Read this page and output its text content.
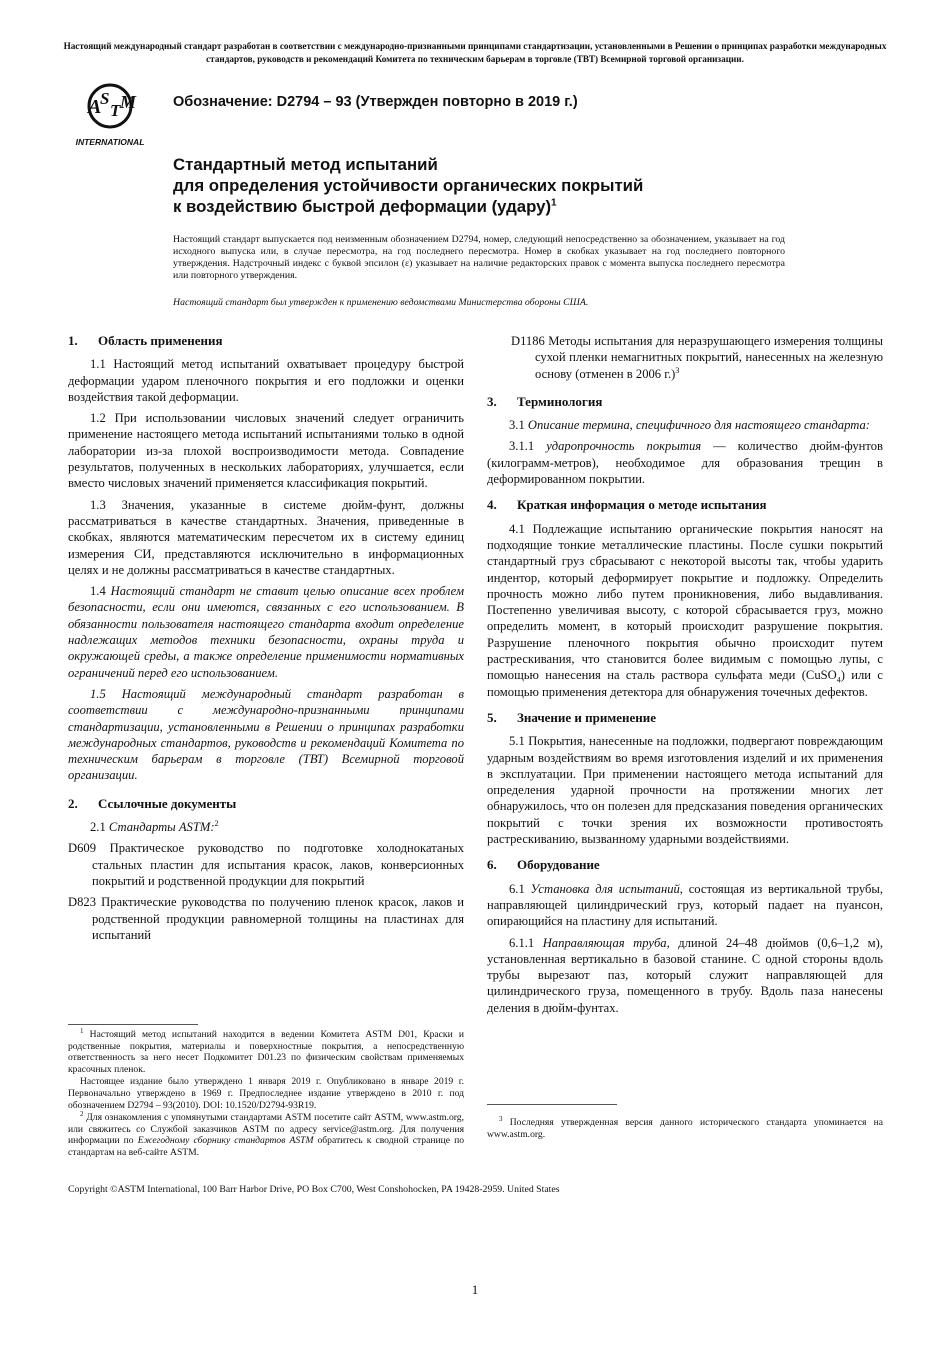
Настоящий международный стандарт разработан в соответствии с международно-признанными принципами стандартизации, установленными в Решении о принципах разработки международных стандартов, руководств и рекомендаций Комитета по техническим барьерам в торговле (ТВТ) Всемирной торговой организации.
A
S
T M
INTERNATIONAL
Обозначение: D2794 – 93 (Утвержден повторно в 2019 г.)
Стандартный метод испытаний
для определения устойчивости органических покрытий
к воздействию быстрой деформации (удару)$^1$
Настоящий стандарт выпускается под неизменным обозначением D2794, номер, следующий непосредственно за обозначением, указывает на год исходного выпуска или, в случае пересмотра, на год последнего пересмотра. Номер в скобках указывает на год последнего повторного утверждения. Надстрочный индекс с буквой эпсилон (ε) указывает на наличие редакторских правок с момента выпуска последнего пересмотра или повторного утверждения.
Настоящий стандарт был утвержден к применению ведомствами Министерства обороны США.
1. Область применения

1.1 Настоящий метод испытаний охватывает процедуру быстрой деформации ударом пленочного покрытия и его подложки и оценки воздействия такой деформации.

1.2 При использовании числовых значений следует ограничить применение настоящего метода испытаний испытаниями только в одной лаборатории из-за плохой воспроизводимости метода. Совпадение результатов, полученных в нескольких лабораториях, улучшается, если вместо числовых значений применяется классификация покрытий.

1.3 Значения, указанные в системе дюйм-фунт, должны рассматриваться в качестве стандартных. Значения, приведенные в скобках, являются математическим пересчетом их в систему единиц измерения СИ, представляются исключительно в информационных целях и не должны рассматриваться в качестве стандартных.

1.4 Настоящий стандарт не ставит целью описание всех проблем безопасности, если они имеются, связанных с его использованием. В обязанности пользователя настоящего стандарта входит определение надлежащих методов техники безопасности, охраны труда и окружающей среды, а также определение применимости нормативных ограничений перед его использованием.

1.5 Настоящий международный стандарт разработан в соответствии с международно-признанными принципами стандартизации, установленными в Решении о принципах разработки международных стандартов, руководств и рекомендаций Комитета по техническим барьерам в торговле (ТВТ) Всемирной торговой организации.

2. Ссылочные документы

2.1 Стандарты ASTM:$^2$

D609 Практическое руководство по подготовке холоднокатаных стальных пластин для испытания красок, лаков, конверсионных покрытий и родственной продукции для покрытий

D823 Практические руководства по получению пленок красок, лаков и родственной продукции равномерной толщины на пластинах для испытаний

$^1$ Настоящий метод испытаний находится в ведении Комитета ASTM D01, Краски и родственные покрытия, материалы и поверхностные покрытия, а непосредственную ответственность за него несет Подкомитет D01.23 по физическим свойствам применяемых красочных пленок.

Настоящее издание было утверждено 1 января 2019 г. Опубликовано в январе 2019 г. Первоначально утверждено в 1969 г. Предпоследнее издание утверждено в 2010 г. под обозначением D2794 – 93(2010). DOI: 10.1520/D2794-93R19.

$^2$ Для ознакомления с упомянутыми стандартами ASTM посетите сайт ASTM, www.astm.org, или свяжитесь со Службой заказчиков ASTM по адресу service@astm.org. Для получения информации по Ежегодному сборнику стандартов ASTM обратитесь к сводной странице по стандартам на веб-сайте ASTM.

D1186 Методы испытания для неразрушающего измерения толщины сухой пленки немагнитных покрытий, нанесенных на железную основу (отменен в 2006 г.)$^3$

3. Терминология

3.1 Описание термина, специфичного для настоящего стандарта:

3.1.1 ударопрочность покрытия — количество дюйм-фунтов (килограмм-метров), необходимое для образования трещин в деформированном покрытии.

4. Краткая информация о методе испытания

4.1 Подлежащие испытанию органические покрытия наносят на подходящие тонкие металлические пластины. После сушки покрытий стандартный груз сбрасывают с некоторой высоты так, чтобы ударить индентор, который деформирует покрытие и подложку. Определить прочность можно либо путем проникновения, либо выдавливания. Постепенно увеличивая высоту, с которой сбрасывается груз, можно определить момент, в который происходит разрушение покрытия. Разрушение пленочного покрытия обычно происходит путем растрескивания, что становится более видимым с помощью лупы, с помощью нанесения на сталь раствора сульфата меди (CuSO$_4$) или с помощью применения детектора для обнаружения точечных дефектов.

5. Значение и применение

5.1 Покрытия, нанесенные на подложки, подвергают повреждающим ударным воздействиям во время изготовления изделий и их применения в эксплуатации. При применении настоящего метода испытаний для определения ударной прочности на протяжении многих лет обнаружилось, что он полезен для предсказания поведения органических покрытий с точки зрения их возможности противостоять растрескиванию, вызванному ударными воздействиями.

6. Оборудование

6.1 Установка для испытаний, состоящая из вертикальной трубы, направляющей цилиндрический груз, который падает на пуансон, опирающийся на пластину для испытаний.

6.1.1 Направляющая труба, длиной 24–48 дюймов (0,6–1,2 м), установленная вертикально в базовой станине. С одной стороны вдоль трубы вырезают паз, который служит направляющей для цилиндрического груза, помещенного в трубу. Вдоль паза нанесены деления в дюйм-фунтах.

$^3$ Последняя утвержденная версия данного исторического стандарта упоминается на www.astm.org.

Copyright ©ASTM International, 100 Barr Harbor Drive, PO Box C700, West Conshohocken, PA 19428-2959. United States
1
